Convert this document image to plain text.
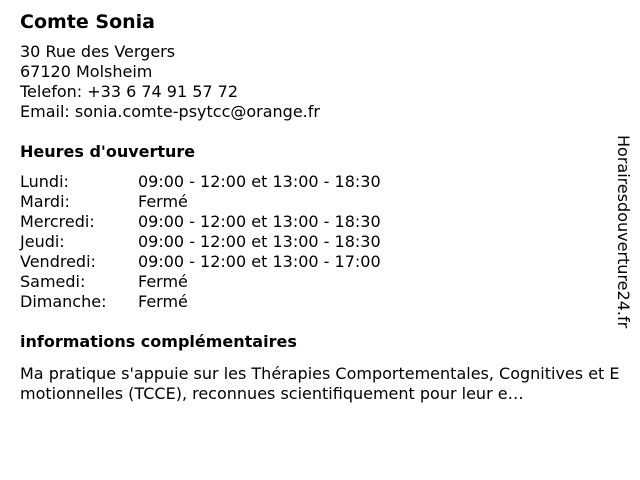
Comte Sonia
30 Rue des Vergers
67120 Molsheim
Telefon: +33 6 74 91 57 72
Email: sonia.comte-psytcc@orange.fr
Heures d'ouverture
Lundi:	09:00 - 12:00 et 13:00 - 18:30
Mardi:	Fermé
Mercredi:	09:00 - 12:00 et 13:00 - 18:30
Jeudi:	09:00 - 12:00 et 13:00 - 18:30
Vendredi:	09:00 - 12:00 et 13:00 - 17:00
Samedi:	Fermé
Dimanche:	Fermé
informations complémentaires
Ma pratique s'appuie sur les Thérapies Comportementales, Cognitives et Emotionnelles (TCCE), reconnues scientifiquement pour leur e…
Horairesdouverture24.fr
